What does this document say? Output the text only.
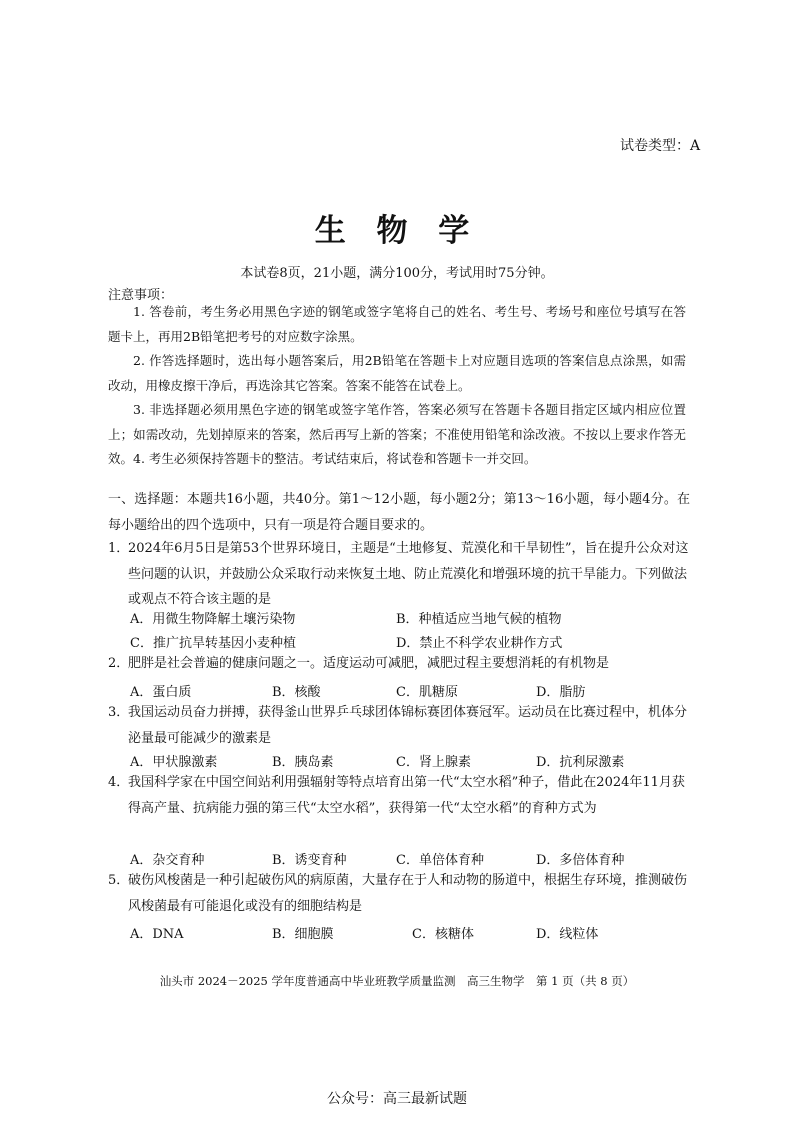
试卷类型：A
生 物 学
本试卷8页，21小题，满分100分，考试用时75分钟。
注意事项：
1. 答卷前，考生务必用黑色字迹的钢笔或签字笔将自己的姓名、考生号、考场号和座位号填写在答题卡上，再用2B铅笔把考号的对应数字涂黑。
2. 作答选择题时，选出每小题答案后，用2B铅笔在答题卡上对应题目选项的答案信息点涂黑，如需改动，用橡皮擦干净后，再选涂其它答案。答案不能答在试卷上。
3. 非选择题必须用黑色字迹的钢笔或签字笔作答，答案必须写在答题卡各题目指定区域内相应位置上；如需改动，先划掉原来的答案，然后再写上新的答案；不准使用铅笔和涂改液。不按以上要求作答无效。 4. 考生必须保持答题卡的整洁。考试结束后，将试卷和答题卡一并交回。
一、选择题：本题共16小题，共40分。第1～12小题，每小题2分；第13～16小题，每小题4分。在每小题给出的四个选项中，只有一项是符合题目要求的。
1．
2024年6月5日是第53个世界环境日，主题是“土地修复、荒漠化和干旱韧性”，旨在提升公众对这些问题的认识，并鼓励公众采取行动来恢复土地、防止荒漠化和增强环境的抗干旱能力。下列做法或观点不符合该主题的是
A．用微生物降解土壤污染物	B．种植适应当地气候的植物
C．推广抗旱转基因小麦种植	D．禁止不科学农业耕作方式
2．
肥胖是社会普遍的健康问题之一。适度运动可减肥，减肥过程主要想消耗的有机物是
A．蛋白质	B．核酸	C．肌糖原	D．脂肪
3．
我国运动员奋力拼搏，获得釜山世界乒乓球团体锦标赛团体赛冠军。运动员在比赛过程中，机体分泌量最可能减少的激素是
A．甲状腺激素	B．胰岛素	C．肾上腺素	D．抗利尿激素
4．
我国科学家在中国空间站利用强辐射等特点培育出第一代“太空水稻”种子，借此在2024年11月获得高产量、抗病能力强的第三代“太空水稻”，获得第一代“太空水稻”的育种方式为
A．杂交育种	B．诱变育种	C．单倍体育种	D．多倍体育种
5．
破伤风梭菌是一种引起破伤风的病原菌，大量存在于人和动物的肠道中，根据生存环境，推测破伤风梭菌最有可能退化或没有的细胞结构是
A．DNA	B．细胞膜	C．核糖体	D．线粒体
汕头市 2024－2025 学年度普通高中毕业班教学质量监测　高三生物学　第 1 页（共 8 页）
公众号：高三最新试题
